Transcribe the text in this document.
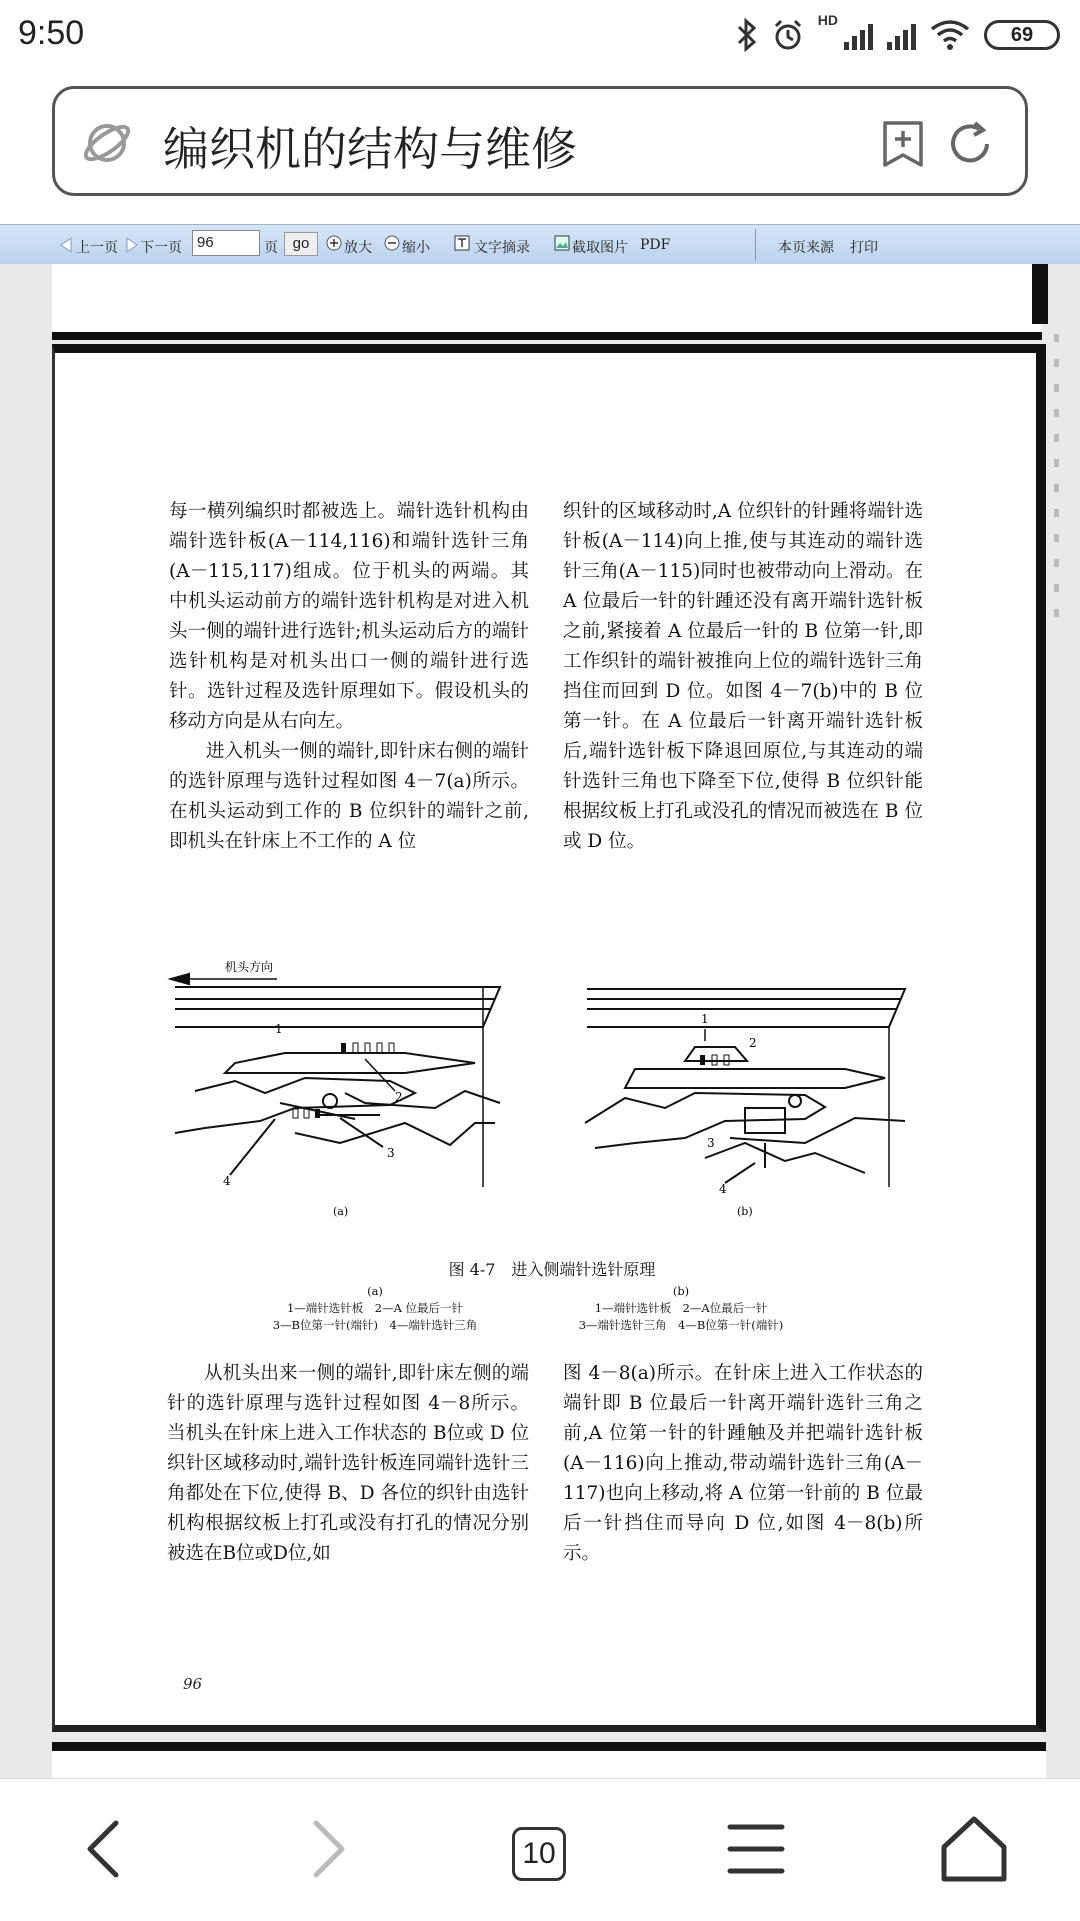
9:50	HD
69
编织机的结构与维修
上一页 下一页	96	页 go	放大 缩小	文字摘录	截取图片 PDF	本页来源 打印

每一横列编织时都被选上。端针选针机构由端针选针板(A－114,116)和端针选针三角(A－115,117)组成。位于机头的两端。其中机头运动前方的端针选针机构是对进入机头一侧的端针进行选针;机头运动后方的端针选针机构是对机头出口一侧的端针进行选针。选针过程及选针原理如下。假设机头的移动方向是从右向左。

进入机头一侧的端针,即针床右侧的端针的选针原理与选针过程如图 4－7(a)所示。在机头运动到工作的 B 位织针的端针之前,即机头在针床上不工作的 A 位

织针的区域移动时,A 位织针的针踵将端针选针板(A－114)向上推,使与其连动的端针选针三角(A－115)同时也被带动向上滑动。在 A 位最后一针的针踵还没有离开端针选针板之前,紧接着 A 位最后一针的 B 位第一针,即工作织针的端针被推向上位的端针选针三角挡住而回到 D 位。如图 4－7(b)中的 B 位第一针。在 A 位最后一针离开端针选针板后,端针选针板下降退回原位,与其连动的端针选针三角也下降至下位,使得 B 位织针能根据纹板上打孔或没孔的情况而被选在 B 位或 D 位。

机头方向
1
2
3
4
1
2
3
4
(a)	(b)
图 4-7　进入侧端针选针原理
(a)
1—端针选针板　2—A 位最后一针
3—B位第一针(端针)　4—端针选针三角
(b)
1—端针选针板　2—A位最后一针
3—端针选针三角　4—B位第一针(端针)

从机头出来一侧的端针,即针床左侧的端针的选针原理与选针过程如图 4－8所示。当机头在针床上进入工作状态的 B位或 D 位织针区域移动时,端针选针板连同端针选针三角都处在下位,使得 B、D 各位的织针由选针机构根据纹板上打孔或没有打孔的情况分别被选在B位或D位,如

图 4－8(a)所示。在针床上进入工作状态的端针即 B 位最后一针离开端针选针三角之前,A 位第一针的针踵触及并把端针选针板(A－116)向上推动,带动端针选针三角(A－117)也向上移动,将 A 位第一针前的 B 位最后一针挡住而导向 D 位,如图 4－8(b)所示。

96
10
